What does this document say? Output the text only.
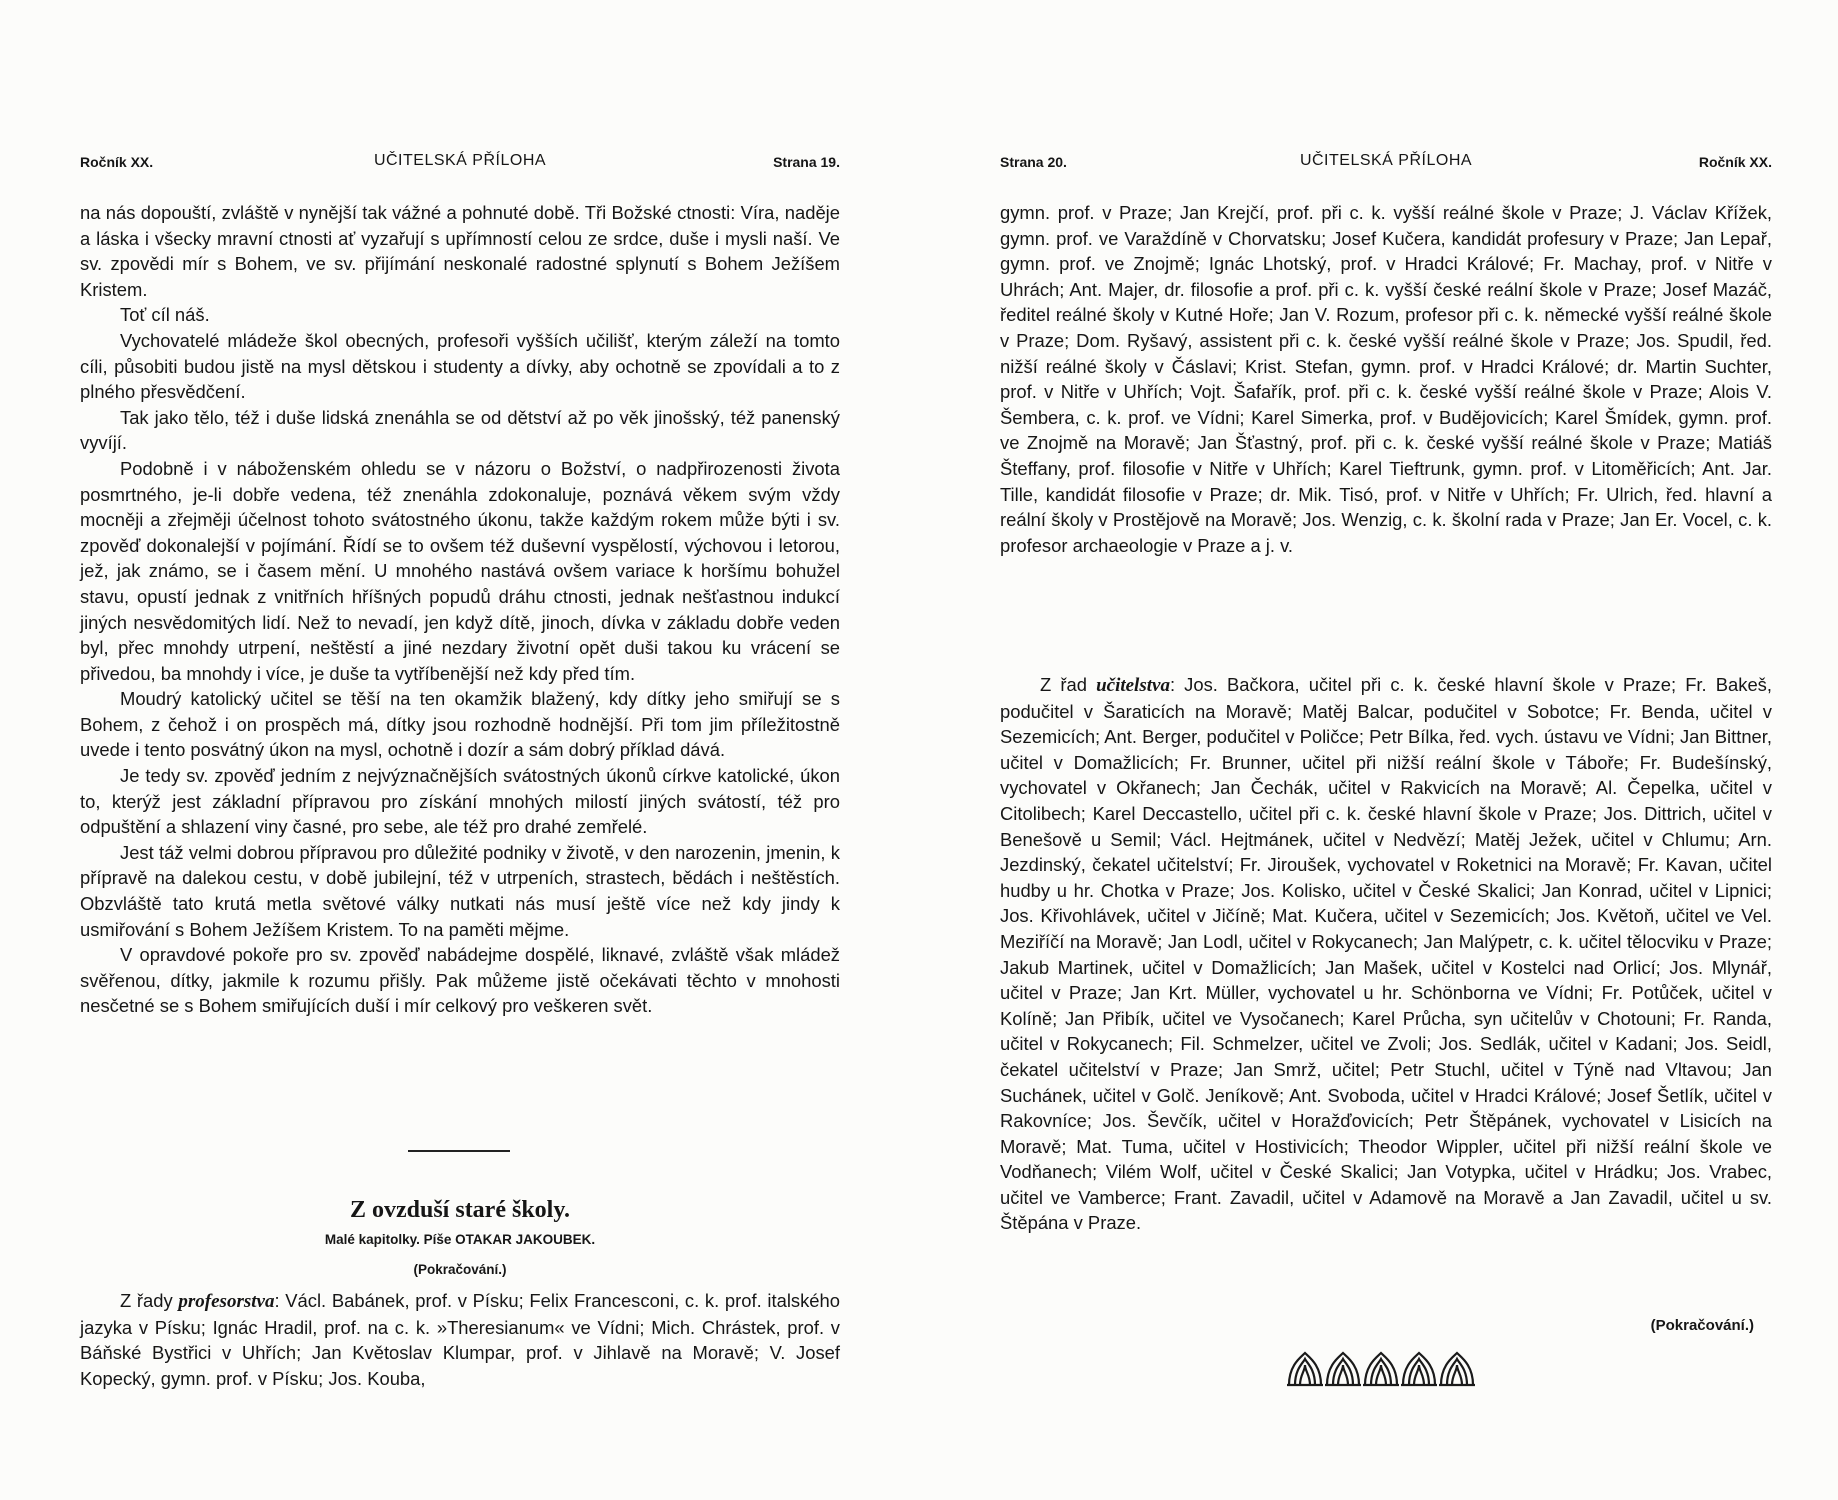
Ročník XX.	UČITELSKÁ PŘÍLOHA	Strana 19.

na nás dopouští, zvláště v nynější tak vážné a pohnuté době. Tři Božské ctnosti: Víra, naděje a láska i všecky mravní ctnosti ať vyzařují s upřímností celou ze srdce, duše i mysli naší. Ve sv. zpovědi mír s Bohem, ve sv. přijímání neskonalé radostné splynutí s Bohem Ježíšem Kristem.

Toť cíl náš.

Vychovatelé mládeže škol obecných, profesoři vyšších učilišť, kterým záleží na tomto cíli, působiti budou jistě na mysl dětskou i studenty a dívky, aby ochotně se zpovídali a to z plného přesvědčení.

Tak jako tělo, též i duše lidská znenáhla se od dětství až po věk jinošský, též panenský vyvíjí.

Podobně i v náboženském ohledu se v názoru o Božství, o nadpřirozenosti života posmrtného, je-li dobře vedena, též znenáhla zdokonaluje, poznává věkem svým vždy mocněji a zřejměji účelnost tohoto svátostného úkonu, takže každým rokem může býti i sv. zpověď dokonalejší v pojímání. Řídí se to ovšem též duševní vyspělostí, výchovou i letorou, jež, jak známo, se i časem mění. U mnohého nastává ovšem variace k horšímu bohužel stavu, opustí jednak z vnitřních hříšných popudů dráhu ctnosti, jednak nešťastnou indukcí jiných nesvědomitých lidí. Než to nevadí, jen když dítě, jinoch, dívka v základu dobře veden byl, přec mnohdy utrpení, neštěstí a jiné nezdary životní opět duši takou ku vrácení se přivedou, ba mnohdy i více, je duše ta vytříbenější než kdy před tím.

Moudrý katolický učitel se těší na ten okamžik blažený, kdy dítky jeho smiřují se s Bohem, z čehož i on prospěch má, dítky jsou rozhodně hodnější. Při tom jim příležitostně uvede i tento posvátný úkon na mysl, ochotně i dozír a sám dobrý příklad dává.

Je tedy sv. zpověď jedním z nejvýznačnějších svátostných úkonů církve katolické, úkon to, kterýž jest základní přípravou pro získání mnohých milostí jiných svátostí, též pro odpuštění a shlazení viny časné, pro sebe, ale též pro drahé zemřelé.

Jest táž velmi dobrou přípravou pro důležité podniky v životě, v den narozenin, jmenin, k přípravě na dalekou cestu, v době jubilejní, též v utrpeních, strastech, bědách i neštěstích. Obzvláště tato krutá metla světové války nutkati nás musí ještě více než kdy jindy k usmiřování s Bohem Ježíšem Kristem. To na paměti mějme.

V opravdové pokoře pro sv. zpověď nabádejme dospělé, liknavé, zvláště však mládež svěřenou, dítky, jakmile k rozumu přišly. Pak můžeme jistě očekávati těchto v mnohosti nesčetné se s Bohem smiřujících duší i mír celkový pro veškeren svět.

Z ovzduší staré školy.
Malé kapitolky. Píše OTAKAR JAKOUBEK.
(Pokračování.)

Z řady profesorstva: Václ. Babánek, prof. v Písku; Felix Francesconi, c. k. prof. italského jazyka v Písku; Ignác Hradil, prof. na c. k. »Theresianum« ve Vídni; Mich. Chrástek, prof. v Báňské Bystřici v Uhřích; Jan Květoslav Klumpar, prof. v Jihlavě na Moravě; V. Josef Kopecký, gymn. prof. v Písku; Jos. Kouba,

Strana 20.	UČITELSKÁ PŘÍLOHA	Ročník XX.

gymn. prof. v Praze; Jan Krejčí, prof. při c. k. vyšší reálné škole v Praze; J. Václav Křížek, gymn. prof. ve Varaždíně v Chorvatsku; Josef Kučera, kandidát profesury v Praze; Jan Lepař, gymn. prof. ve Znojmě; Ignác Lhotský, prof. v Hradci Králové; Fr. Machay, prof. v Nitře v Uhrách; Ant. Majer, dr. filosofie a prof. při c. k. vyšší české reální škole v Praze; Josef Mazáč, ředitel reálné školy v Kutné Hoře; Jan V. Rozum, profesor při c. k. německé vyšší reálné škole v Praze; Dom. Ryšavý, assistent při c. k. české vyšší reálné škole v Praze; Jos. Spudil, řed. nižší reálné školy v Čáslavi; Krist. Stefan, gymn. prof. v Hradci Králové; dr. Martin Suchter, prof. v Nitře v Uhřích; Vojt. Šafařík, prof. při c. k. české vyšší reálné škole v Praze; Alois V. Šembera, c. k. prof. ve Vídni; Karel Simerka, prof. v Budějovicích; Karel Šmídek, gymn. prof. ve Znojmě na Moravě; Jan Šťastný, prof. při c. k. české vyšší reálné škole v Praze; Matiáš Šteffany, prof. filosofie v Nitře v Uhřích; Karel Tieftrunk, gymn. prof. v Litoměřicích; Ant. Jar. Tille, kandidát filosofie v Praze; dr. Mik. Tisó, prof. v Nitře v Uhřích; Fr. Ulrich, řed. hlavní a reální školy v Prostějově na Moravě; Jos. Wenzig, c. k. školní rada v Praze; Jan Er. Vocel, c. k. profesor archaeologie v Praze a j. v.

Z řad učitelstva: Jos. Bačkora, učitel při c. k. české hlavní škole v Praze; Fr. Bakeš, podučitel v Šaraticích na Moravě; Matěj Balcar, podučitel v Sobotce; Fr. Benda, učitel v Sezemicích; Ant. Berger, podučitel v Poličce; Petr Bílka, řed. vych. ústavu ve Vídni; Jan Bittner, učitel v Domažlicích; Fr. Brunner, učitel při nižší reální škole v Táboře; Fr. Budešínský, vychovatel v Okřanech; Jan Čechák, učitel v Rakvicích na Moravě; Al. Čepelka, učitel v Citolibech; Karel Deccastello, učitel při c. k. české hlavní škole v Praze; Jos. Dittrich, učitel v Benešově u Semil; Václ. Hejtmánek, učitel v Nedvězí; Matěj Ježek, učitel v Chlumu; Arn. Jezdinský, čekatel učitelství; Fr. Jiroušek, vychovatel v Roketnici na Moravě; Fr. Kavan, učitel hudby u hr. Chotka v Praze; Jos. Kolisko, učitel v České Skalici; Jan Konrad, učitel v Lipnici; Jos. Křivohlávek, učitel v Jičíně; Mat. Kučera, učitel v Sezemicích; Jos. Květoň, učitel ve Vel. Meziříčí na Moravě; Jan Lodl, učitel v Rokycanech; Jan Malýpetr, c. k. učitel tělocviku v Praze; Jakub Martinek, učitel v Domažlicích; Jan Mašek, učitel v Kostelci nad Orlicí; Jos. Mlynář, učitel v Praze; Jan Krt. Müller, vychovatel u hr. Schönborna ve Vídni; Fr. Potůček, učitel v Kolíně; Jan Přibík, učitel ve Vysočanech; Karel Průcha, syn učitelův v Chotouni; Fr. Randa, učitel v Rokycanech; Fil. Schmelzer, učitel ve Zvoli; Jos. Sedlák, učitel v Kadani; Jos. Seidl, čekatel učitelství v Praze; Jan Smrž, učitel; Petr Stuchl, učitel v Týně nad Vltavou; Jan Suchánek, učitel v Golč. Jeníkově; Ant. Svoboda, učitel v Hradci Králové; Josef Šetlík, učitel v Rakovníce; Jos. Ševčík, učitel v Horažďovicích; Petr Štěpánek, vychovatel v Lisicích na Moravě; Mat. Tuma, učitel v Hostivicích; Theodor Wippler, učitel při nižší reální škole ve Vodňanech; Vilém Wolf, učitel v České Skalici; Jan Votypka, učitel v Hrádku; Jos. Vrabec, učitel ve Vamberce; Frant. Zavadil, učitel v Adamově na Moravě a Jan Zavadil, učitel u sv. Štěpána v Praze.

(Pokračování.)
